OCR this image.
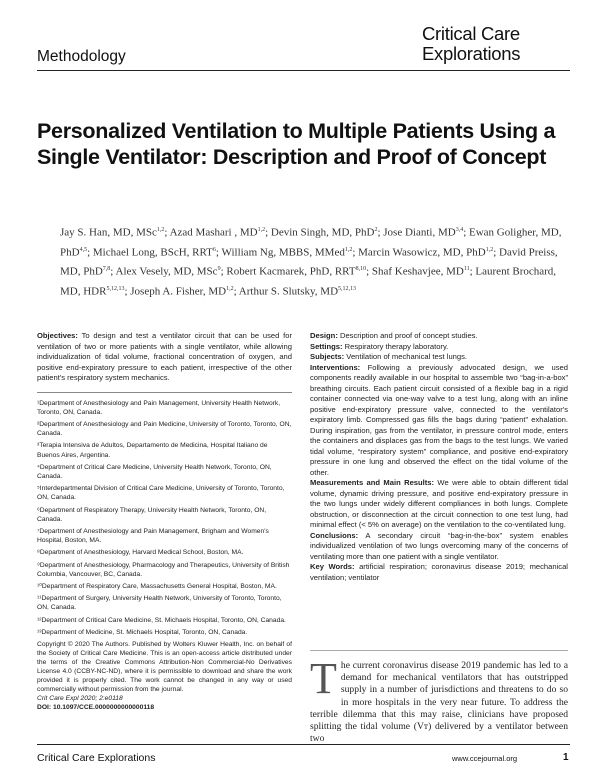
Critical Care
Explorations
Methodology
Personalized Ventilation to Multiple Patients Using a Single Ventilator: Description and Proof of Concept
Jay S. Han, MD, MSc$^{1,2}$; Azad Mashari , MD$^{1,2}$; Devin Singh, MD, PhD$^2$; Jose Dianti, MD$^{3,4}$; Ewan Goligher, MD, PhD$^{4,5}$; Michael Long, BScH, RRT$^6$; William Ng, MBBS, MMed$^{1,2}$; Marcin Wasowicz, MD, PhD$^{1,2}$; David Preiss, MD, PhD$^{7,8}$; Alex Vesely, MD, MSc$^9$; Robert Kacmarek, PhD, RRT$^{8,10}$; Shaf Keshavjee, MD$^{11}$; Laurent Brochard, MD, HDR$^{5,12,13}$; Joseph A. Fisher, MD$^{1,2}$; Arthur S. Slutsky, MD$^{5,12,13}$

Objectives: To design and test a ventilator circuit that can be used for ventilation of two or more patients with a single ventilator, while allowing individualization of tidal volume, fractional concentration of oxygen, and positive end-expiratory pressure to each patient, irrespective of the other patient's respiratory system mechanics.

¹Department of Anesthesiology and Pain Management, University Health Network, Toronto, ON, Canada.

²Department of Anesthesiology and Pain Medicine, University of Toronto, Toronto, ON, Canada.

³Terapia Intensiva de Adultos, Departamento de Medicina, Hospital Italiano de Buenos Aires, Argentina.

⁴Department of Critical Care Medicine, University Health Network, Toronto, ON, Canada.

⁵Interdepartmental Division of Critical Care Medicine, University of Toronto, Toronto, ON, Canada.

⁶Department of Respiratory Therapy, University Health Network, Toronto, ON, Canada.

⁷Department of Anesthesiology and Pain Management, Brigham and Women's Hospital, Boston, MA.

⁸Department of Anesthesiology, Harvard Medical School, Boston, MA.

⁹Department of Anesthesiology, Pharmacology and Therapeutics, University of British Columbia, Vancouver, BC, Canada.

¹⁰Department of Respiratory Care, Massachusetts General Hospital, Boston, MA.

¹¹Department of Surgery, University Health Network, University of Toronto, Toronto, ON, Canada.

¹²Department of Critical Care Medicine, St. Michaels Hospital, Toronto, ON, Canada.

¹³Department of Medicine, St. Michaels Hospital, Toronto, ON, Canada.

Copyright © 2020 The Authors. Published by Wolters Kluwer Health, Inc. on behalf of the Society of Critical Care Medicine. This is an open-access article distributed under the terms of the Creative Commons Attribution-Non Commercial-No Derivatives License 4.0 (CCBY-NC-ND), where it is permissible to download and share the work provided it is properly cited. The work cannot be changed in any way or used commercially without permission from the journal.
Crit Care Expl 2020; 2:e0118
DOI: 10.1097/CCE.0000000000000118

Design: Description and proof of concept studies.

Settings: Respiratory therapy laboratory.

Subjects: Ventilation of mechanical test lungs.

Interventions: Following a previously advocated design, we used components readily available in our hospital to assemble two “bag-in-a-box” breathing circuits. Each patient circuit consisted of a flexible bag in a rigid container connected via one-way valve to a test lung, along with an inline positive end-expiratory pressure valve, connected to the ventilator's expiratory limb. Compressed gas fills the bags during “patient” exhalation. During inspiration, gas from the ventilator, in pressure control mode, enters the containers and displaces gas from the bags to the test lungs. We varied tidal volume, “respiratory system” compliance, and positive end-expiratory pressure in one lung and observed the effect on the tidal volume of the other.

Measurements and Main Results: We were able to obtain different tidal volume, dynamic driving pressure, and positive end-expiratory pressure in the two lungs under widely different compliances in both lungs. Complete obstruction, or disconnection at the circuit connection to one test lung, had minimal effect (< 5% on average) on the ventilation to the co-ventilated lung.

Conclusions: A secondary circuit “bag-in-the-box” system enables individualized ventilation of two lungs overcoming many of the concerns of ventilating more than one patient with a single ventilator.

Key Words: artificial respiration; coronavirus disease 2019; mechanical ventilation; ventilator

The current coronavirus disease 2019 pandemic has led to a demand for mechanical ventilators that has outstripped supply in a number of jurisdictions and threatens to do so in more hospitals in the very near future. To address the terrible dilemma that this may raise, clinicians have proposed splitting the tidal volume (Vᴛ) delivered by a ventilator between two
Critical Care Explorations	www.ccejournal.org	1
